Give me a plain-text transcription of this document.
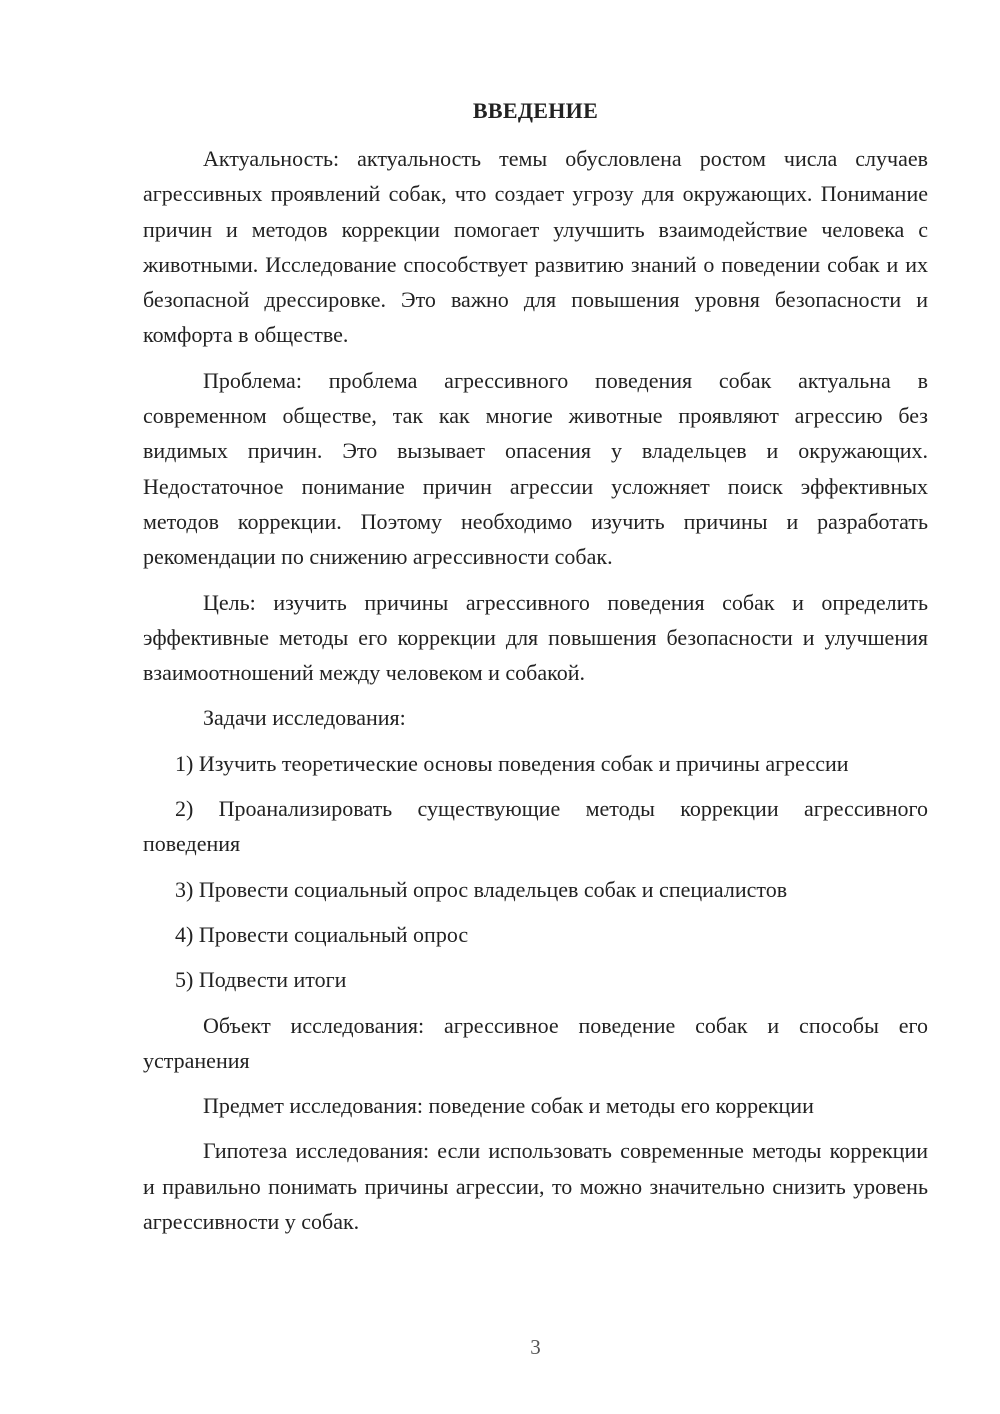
ВВЕДЕНИЕ

Актуальность: актуальность темы обусловлена ростом числа случаев агрессивных проявлений собак, что создает угрозу для окружающих. Понимание причин и методов коррекции помогает улучшить взаимодействие человека с животными. Исследование способствует развитию знаний о поведении собак и их безопасной дрессировке. Это важно для повышения уровня безопасности и комфорта в обществе.

Проблема: проблема агрессивного поведения собак актуальна в современном обществе, так как многие животные проявляют агрессию без видимых причин. Это вызывает опасения у владельцев и окружающих. Недостаточное понимание причин агрессии усложняет поиск эффективных методов коррекции. Поэтому необходимо изучить причины и разработать рекомендации по снижению агрессивности собак.

Цель: изучить причины агрессивного поведения собак и определить эффективные методы его коррекции для повышения безопасности и улучшения взаимоотношений между человеком и собакой.

Задачи исследования:

1) Изучить теоретические основы поведения собак и причины агрессии

2) Проанализировать существующие методы коррекции агрессивного поведения

3) Провести социальный опрос владельцев собак и специалистов

4) Провести социальный опрос

5) Подвести итоги

Объект исследования: агрессивное поведение собак и способы его устранения

Предмет исследования: поведение собак и методы его коррекции

Гипотеза исследования: если использовать современные методы коррекции и правильно понимать причины агрессии, то можно значительно снизить уровень агрессивности у собак.

3
